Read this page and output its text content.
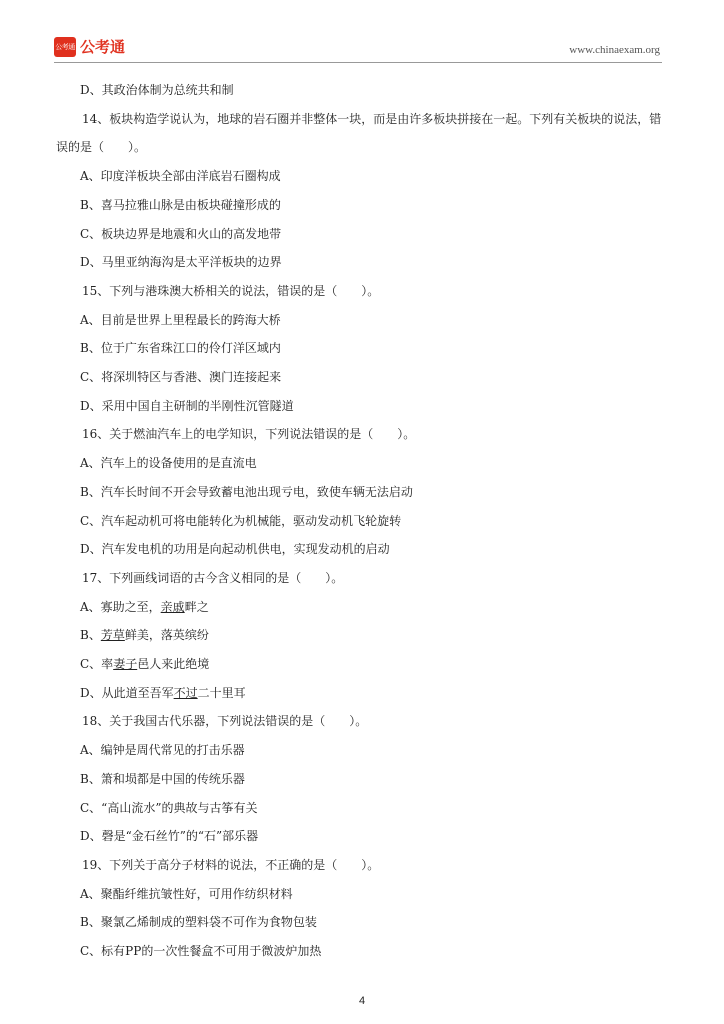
公考通 公考通	www.chinaexam.org
D、其政治体制为总统共和制
14、板块构造学说认为，地球的岩石圈并非整体一块，而是由许多板块拼接在一起。下列有关板块的说法，错误的是（　　）。
A、印度洋板块全部由洋底岩石圈构成
B、喜马拉雅山脉是由板块碰撞形成的
C、板块边界是地震和火山的高发地带
D、马里亚纳海沟是太平洋板块的边界
15、下列与港珠澳大桥相关的说法，错误的是（　　）。
A、目前是世界上里程最长的跨海大桥
B、位于广东省珠江口的伶仃洋区域内
C、将深圳特区与香港、澳门连接起来
D、采用中国自主研制的半刚性沉管隧道
16、关于燃油汽车上的电学知识，下列说法错误的是（　　）。
A、汽车上的设备使用的是直流电
B、汽车长时间不开会导致蓄电池出现亏电，致使车辆无法启动
C、汽车起动机可将电能转化为机械能，驱动发动机飞轮旋转
D、汽车发电机的功用是向起动机供电，实现发动机的启动
17、下列画线词语的古今含义相同的是（　　）。
A、寡助之至，亲戚畔之
B、芳草鲜美，落英缤纷
C、率妻子邑人来此绝境
D、从此道至吾军不过二十里耳
18、关于我国古代乐器，下列说法错误的是（　　）。
A、编钟是周代常见的打击乐器
B、箫和埙都是中国的传统乐器
C、“高山流水”的典故与古筝有关
D、磬是“金石丝竹”的“石”部乐器
19、下列关于高分子材料的说法，不正确的是（　　）。
A、聚酯纤维抗皱性好，可用作纺织材料
B、聚氯乙烯制成的塑料袋不可作为食物包装
C、标有PP的一次性餐盒不可用于微波炉加热
4
